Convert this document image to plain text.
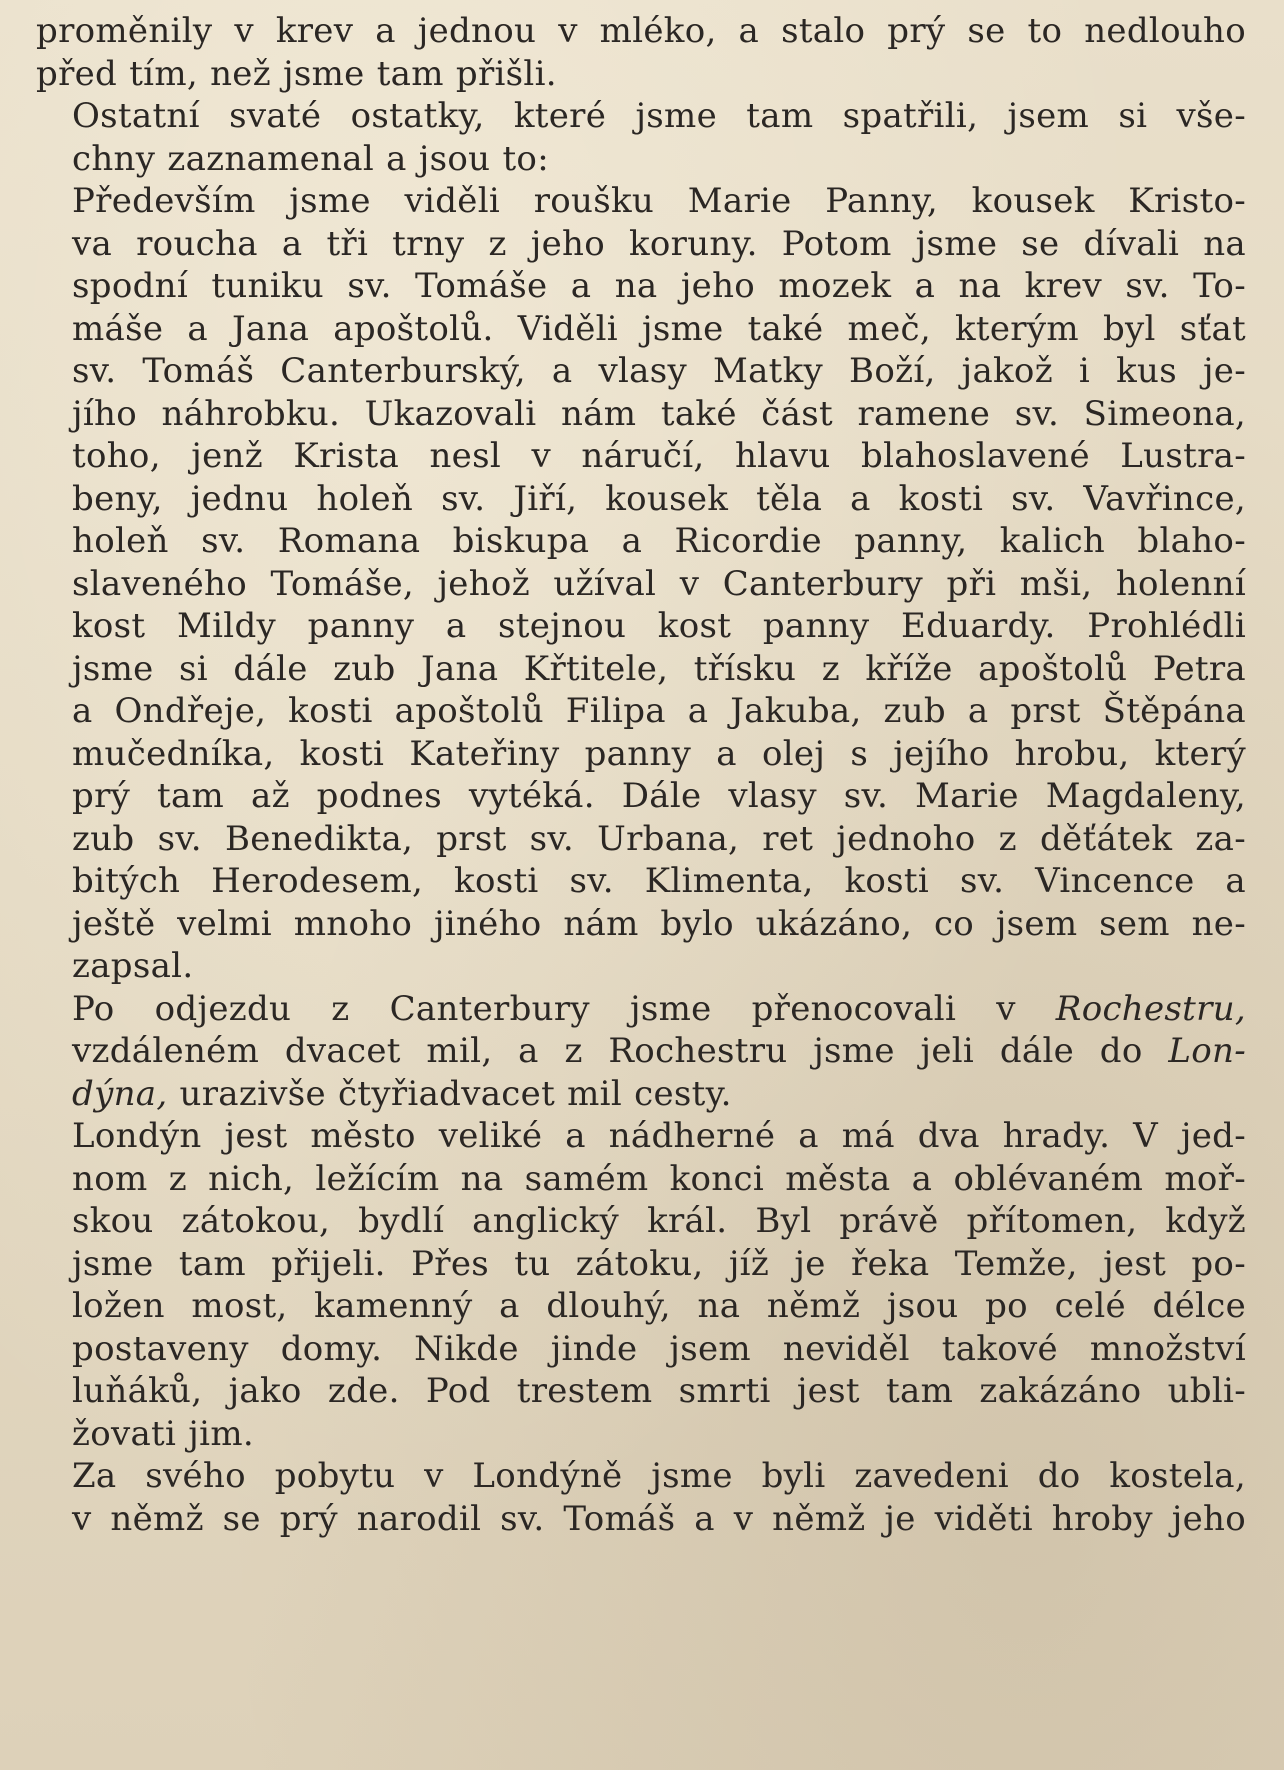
proměnily v krev a jednou v mléko, a stalo prý se to nedlouho
před tím, než jsme tam přišli.

Ostatní svaté ostatky, které jsme tam spatřili, jsem si vše-
chny zaznamenal a jsou to:

Především jsme viděli roušku Marie Panny, kousek Kristo-
va roucha a tři trny z jeho koruny. Potom jsme se dívali na
spodní tuniku sv. Tomáše a na jeho mozek a na krev sv. To-
máše a Jana apoštolů. Viděli jsme také meč, kterým byl sťat
sv. Tomáš Canterburský, a vlasy Matky Boží, jakož i kus je-
jího náhrobku. Ukazovali nám také část ramene sv. Simeona,
toho, jenž Krista nesl v náručí, hlavu blahoslavené Lustra-
beny, jednu holeň sv. Jiří, kousek těla a kosti sv. Vavřince,
holeň sv. Romana biskupa a Ricordie panny, kalich blaho-
slaveného Tomáše, jehož užíval v Canterbury při mši, holenní
kost Mildy panny a stejnou kost panny Eduardy. Prohlédli
jsme si dále zub Jana Křtitele, třísku z kříže apoštolů Petra
a Ondřeje, kosti apoštolů Filipa a Jakuba, zub a prst Štěpána
mučedníka, kosti Kateřiny panny a olej s jejího hrobu, který
prý tam až podnes vytéká. Dále vlasy sv. Marie Magdaleny,
zub sv. Benedikta, prst sv. Urbana, ret jednoho z děťátek za-
bitých Herodesem, kosti sv. Klimenta, kosti sv. Vincence a
ještě velmi mnoho jiného nám bylo ukázáno, co jsem sem ne-
zapsal.

Po odjezdu z Canterbury jsme přenocovali v Rochestru,
vzdáleném dvacet mil, a z Rochestru jsme jeli dále do Lon-
dýna, urazivše čtyřiadvacet mil cesty.

Londýn jest město veliké a nádherné a má dva hrady. V jed-
nom z nich, ležícím na samém konci města a oblévaném moř-
skou zátokou, bydlí anglický král. Byl právě přítomen, když
jsme tam přijeli. Přes tu zátoku, jíž je řeka Temže, jest po-
ložen most, kamenný a dlouhý, na němž jsou po celé délce
postaveny domy. Nikde jinde jsem neviděl takové množství
luňáků, jako zde. Pod trestem smrti jest tam zakázáno ubli-
žovati jim.

Za svého pobytu v Londýně jsme byli zavedeni do kostela,
v němž se prý narodil sv. Tomáš a v němž je viděti hroby jeho
